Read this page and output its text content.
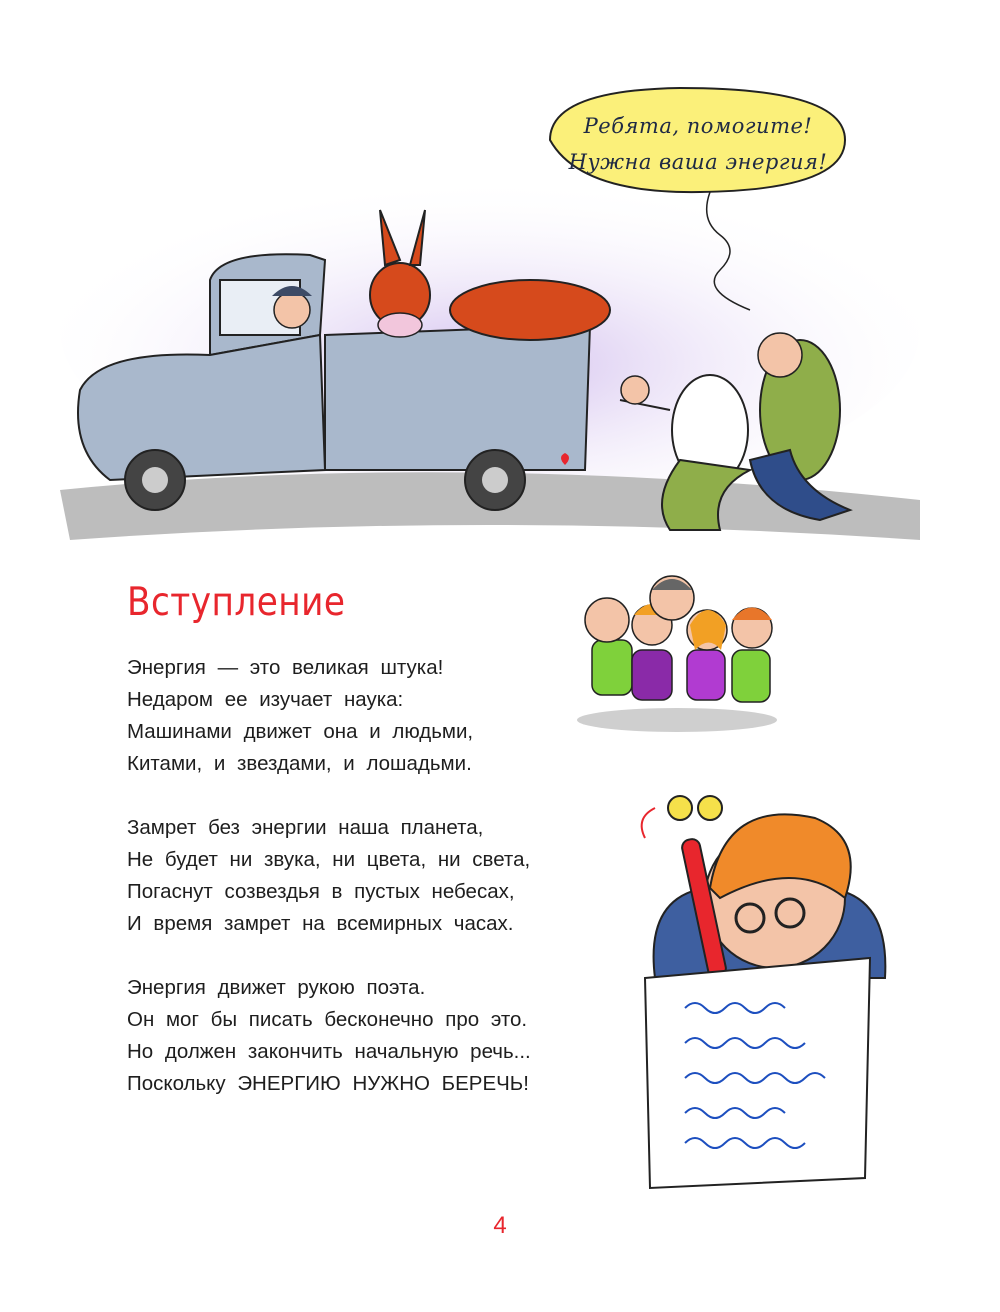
Ребята, помогите!
Нужна ваша энергия!
Вступление
Энергия — это великая штука!
Недаром ее изучает наука:
Машинами движет она и людьми,
Китами, и звездами, и лошадьми.
Замрет без энергии наша планета,
Не будет ни звука, ни цвета, ни света,
Погаснут созвездья в пустых небесах,
И время замрет на всемирных часах.
Энергия движет рукою поэта.
Он мог бы писать бесконечно про это.
Но должен закончить начальную речь...
Поскольку ЭНЕРГИЮ НУЖНО БЕРЕЧЬ!
4
